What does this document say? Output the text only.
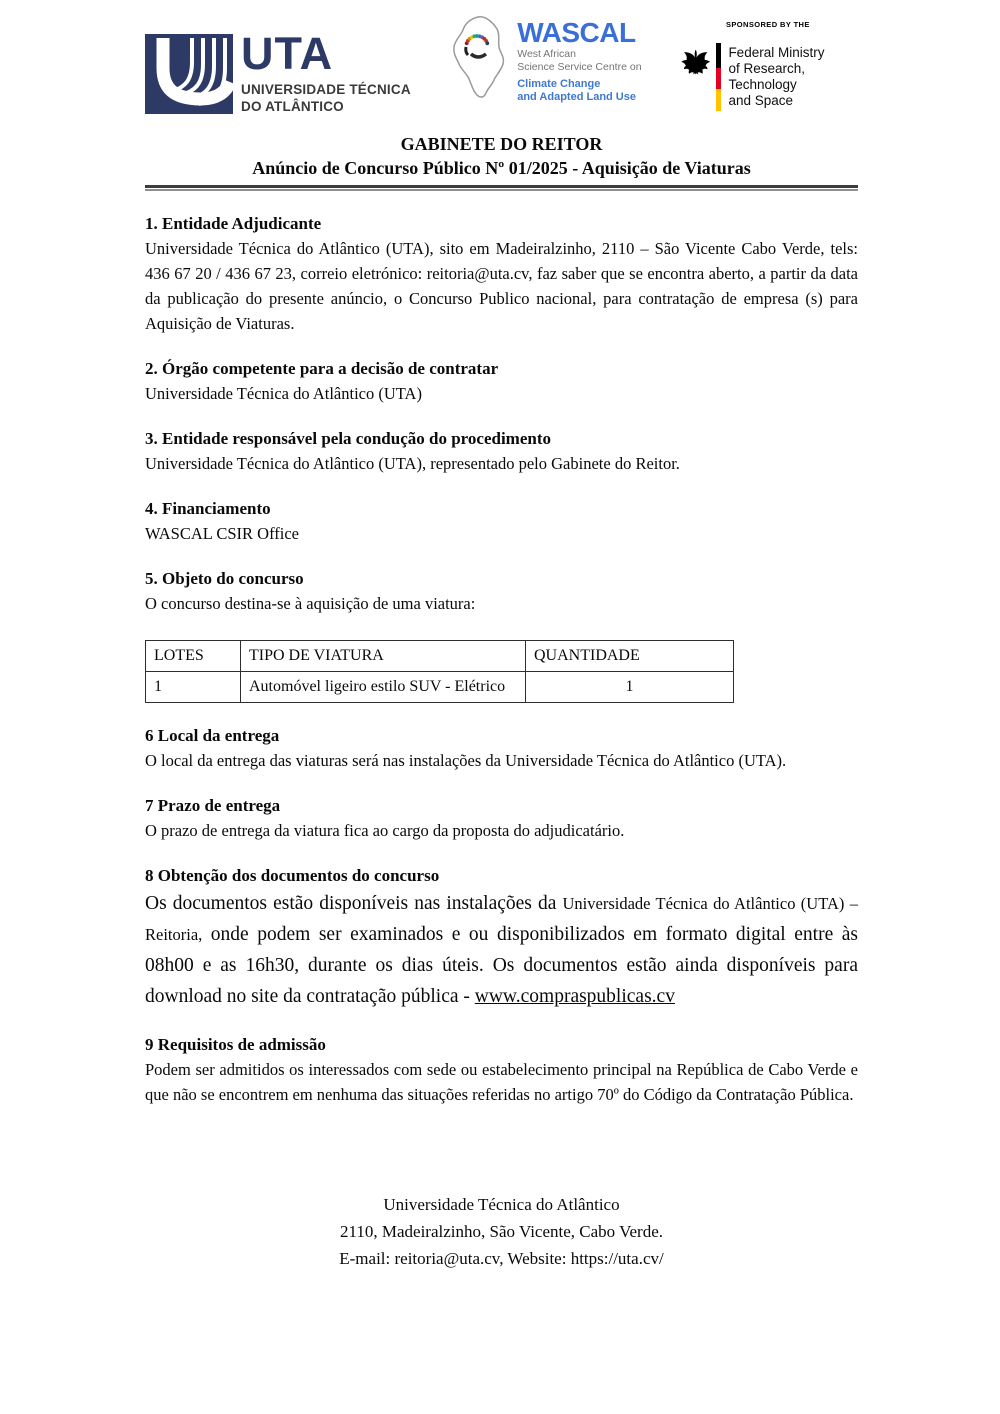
UTA
UNIVERSIDADE TÉCNICA
DO ATLÂNTICO
WASCAL
West African
Science Service Centre on
Climate Change
and Adapted Land Use
SPONSORED BY THE
Federal Ministry
of Research, Technology
and Space
GABINETE DO REITOR
Anúncio de Concurso Público Nº 01/2025 - Aquisição de Viaturas
1. Entidade Adjudicante

Universidade Técnica do Atlântico (UTA), sito em Madeiralzinho, 2110 – São Vicente Cabo Verde, tels: 436 67 20 / 436 67 23, correio eletrónico: reitoria@uta.cv, faz saber que se encontra aberto, a partir da data da publicação do presente anúncio, o Concurso Publico nacional, para contratação de empresa (s) para Aquisição de Viaturas.

2. Órgão competente para a decisão de contratar

Universidade Técnica do Atlântico (UTA)

3. Entidade responsável pela condução do procedimento

Universidade Técnica do Atlântico (UTA), representado pelo Gabinete do Reitor.

4. Financiamento

WASCAL CSIR Office

5. Objeto do concurso

O concurso destina-se à aquisição de uma viatura:

LOTES	TIPO DE VIATURA	QUANTIDADE
1	Automóvel ligeiro estilo SUV - Elétrico	1
6 Local da entrega

O local da entrega das viaturas será nas instalações da Universidade Técnica do Atlântico (UTA).

7 Prazo de entrega

O prazo de entrega da viatura fica ao cargo da proposta do adjudicatário.

8 Obtenção dos documentos do concurso

Os documentos estão disponíveis nas instalações da Universidade Técnica do Atlântico (UTA) – Reitoria, onde podem ser examinados e ou disponibilizados em formato digital entre às 08h00 e as 16h30, durante os dias úteis. Os documentos estão ainda disponíveis para download no site da contratação pública - www.compraspublicas.cv

9 Requisitos de admissão

Podem ser admitidos os interessados com sede ou estabelecimento principal na República de Cabo Verde e que não se encontrem em nenhuma das situações referidas no artigo 70º do Código da Contratação Pública.

Universidade Técnica do Atlântico
2110, Madeiralzinho, São Vicente, Cabo Verde.
E-mail: reitoria@uta.cv, Website: https://uta.cv/
